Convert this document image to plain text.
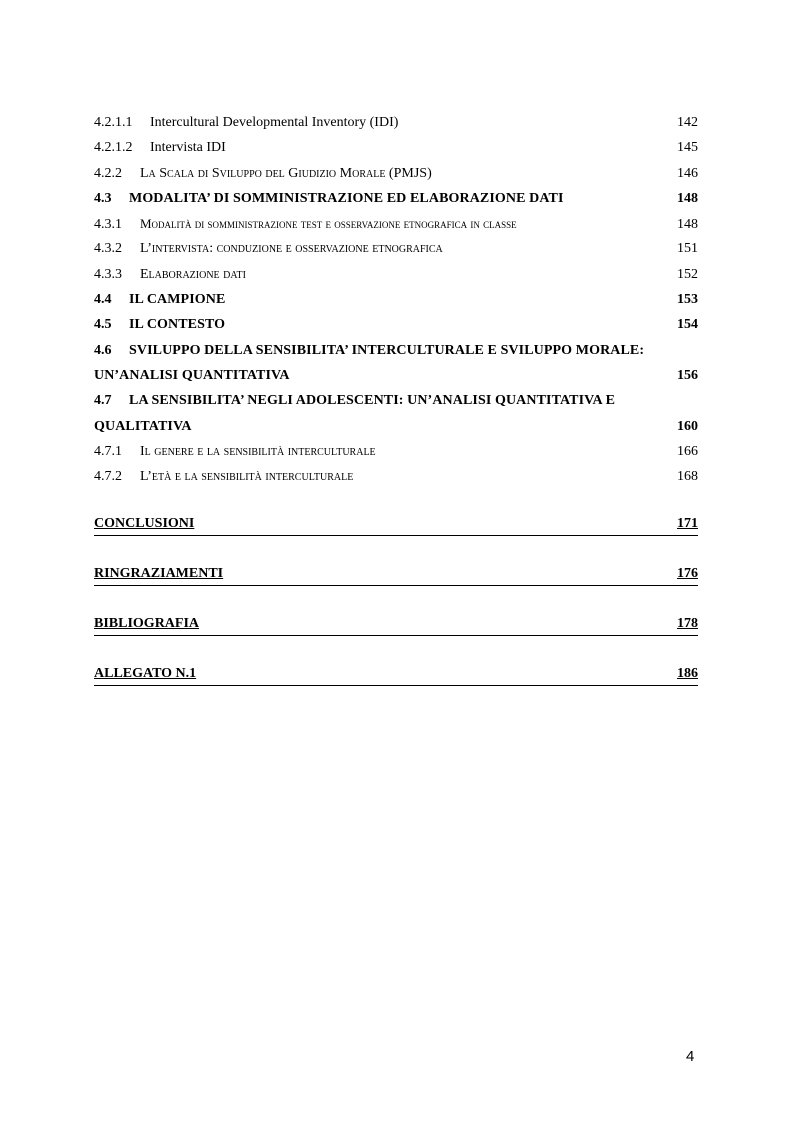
4.2.1.1	Intercultural Developmental Inventory (IDI)	142
4.2.1.2	Intervista IDI	145
4.2.2	La Scala di Sviluppo del Giudizio Morale (PMJS)	146
4.3	MODALITA’ DI SOMMINISTRAZIONE ED ELABORAZIONE DATI	148
4.3.1	Modalità di somministrazione test e osservazione etnografica in classe	148
4.3.2	L’intervista: conduzione e osservazione etnografica	151
4.3.3	Elaborazione dati	152
4.4	IL CAMPIONE	153
4.5	IL CONTESTO	154
4.6	SVILUPPO DELLA SENSIBILITA’ INTERCULTURALE E SVILUPPO MORALE:
UN’ANALISI QUANTITATIVA	156
4.7	LA SENSIBILITA’ NEGLI ADOLESCENTI: UN’ANALISI QUANTITATIVA E
QUALITATIVA	160
4.7.1	Il genere e la sensibilità interculturale	166
4.7.2	L’età e la sensibilità interculturale	168
CONCLUSIONI	171
RINGRAZIAMENTI	176
BIBLIOGRAFIA	178
ALLEGATO N.1	186
4
